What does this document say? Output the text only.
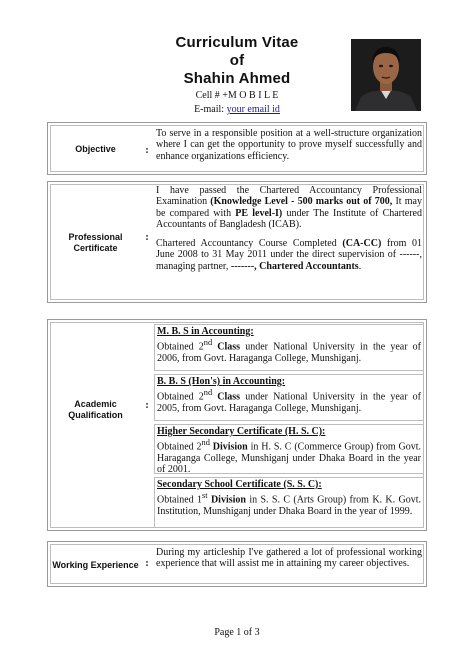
Curriculum Vitae
of
Shahin Ahmed
Cell # +M O B I L E
E-mail: your email id
Objective	:
To serve in a responsible position at a well-structure organization where I can get the opportunity to prove myself successfully and enhance organizations efficiency.
Professional Certificate
:

I have passed the Chartered Accountancy Professional Examination (Knowledge Level - 500 marks out of 700, It may be compared with PE level-I) under The Institute of Chartered Accountants of Bangladesh (ICAB).

Chartered Accountancy Course Completed (CA-CC) from 01 June 2008 to 31 May 2011 under the direct supervision of ------, managing partner, -------, Chartered Accountants.

Academic Qualification
:
M. B. S in Accounting:
Obtained 2nd Class under National University in the year of 2006, from Govt. Haraganga College, Munshiganj.
B. B. S (Hon's) in Accounting:
Obtained 2nd Class under National University in the year of 2005, from Govt. Haraganga College, Munshiganj.
Higher Secondary Certificate (H. S. C):
Obtained 2nd Division in H. S. C (Commerce Group) from Govt. Haraganga College, Munshiganj under Dhaka Board in the year of 2001.
Secondary School Certificate (S. S. C):
Obtained 1st Division in S. S. C (Arts Group) from K. K. Govt. Institution, Munshiganj under Dhaka Board in the year of 1999.
Working Experience :
During my articleship I've gathered a lot of professional working experience that will assist me in attaining my career objectives.
Page 1 of 3
